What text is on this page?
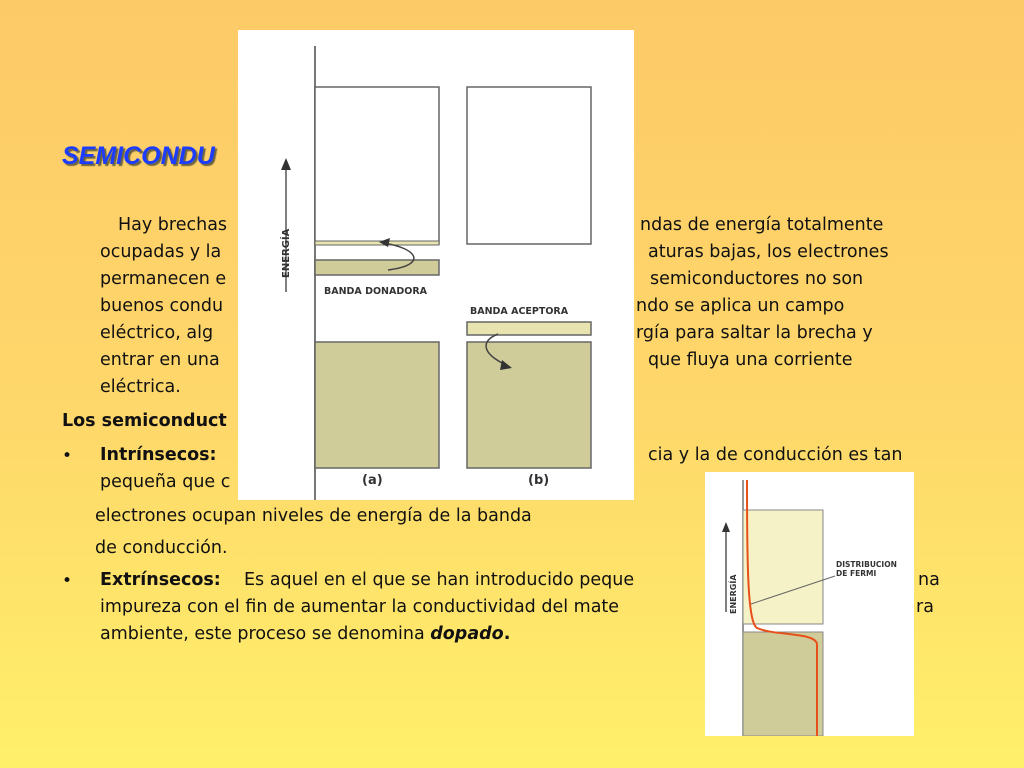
SEMICONDU
Hay brechas	ndas de energía totalmente
ocupadas y la	aturas bajas, los electrones
permanecen e	semiconductores no son
buenos condu	ndo se aplica un campo
eléctrico, alg	rgía para saltar la brecha y
entrar en una	que fluya una corriente
eléctrica.
Los semiconduct
• Intrínsecos:	cia y la de conducción es tan
pequeña que c
electrones ocupan niveles de energía de la banda
de conducción.
• Extrínsecos: Es aquel en el que se han introducido peque	na
impureza con el fin de aumentar la conductividad del mate	ra
ambiente, este proceso se denomina dopado.
ENERGÍA
BANDA DONADORA
BANDA ACEPTORA
(a)	(b)
ENERGÍA
DISTRIBUCION
DE FERMI
